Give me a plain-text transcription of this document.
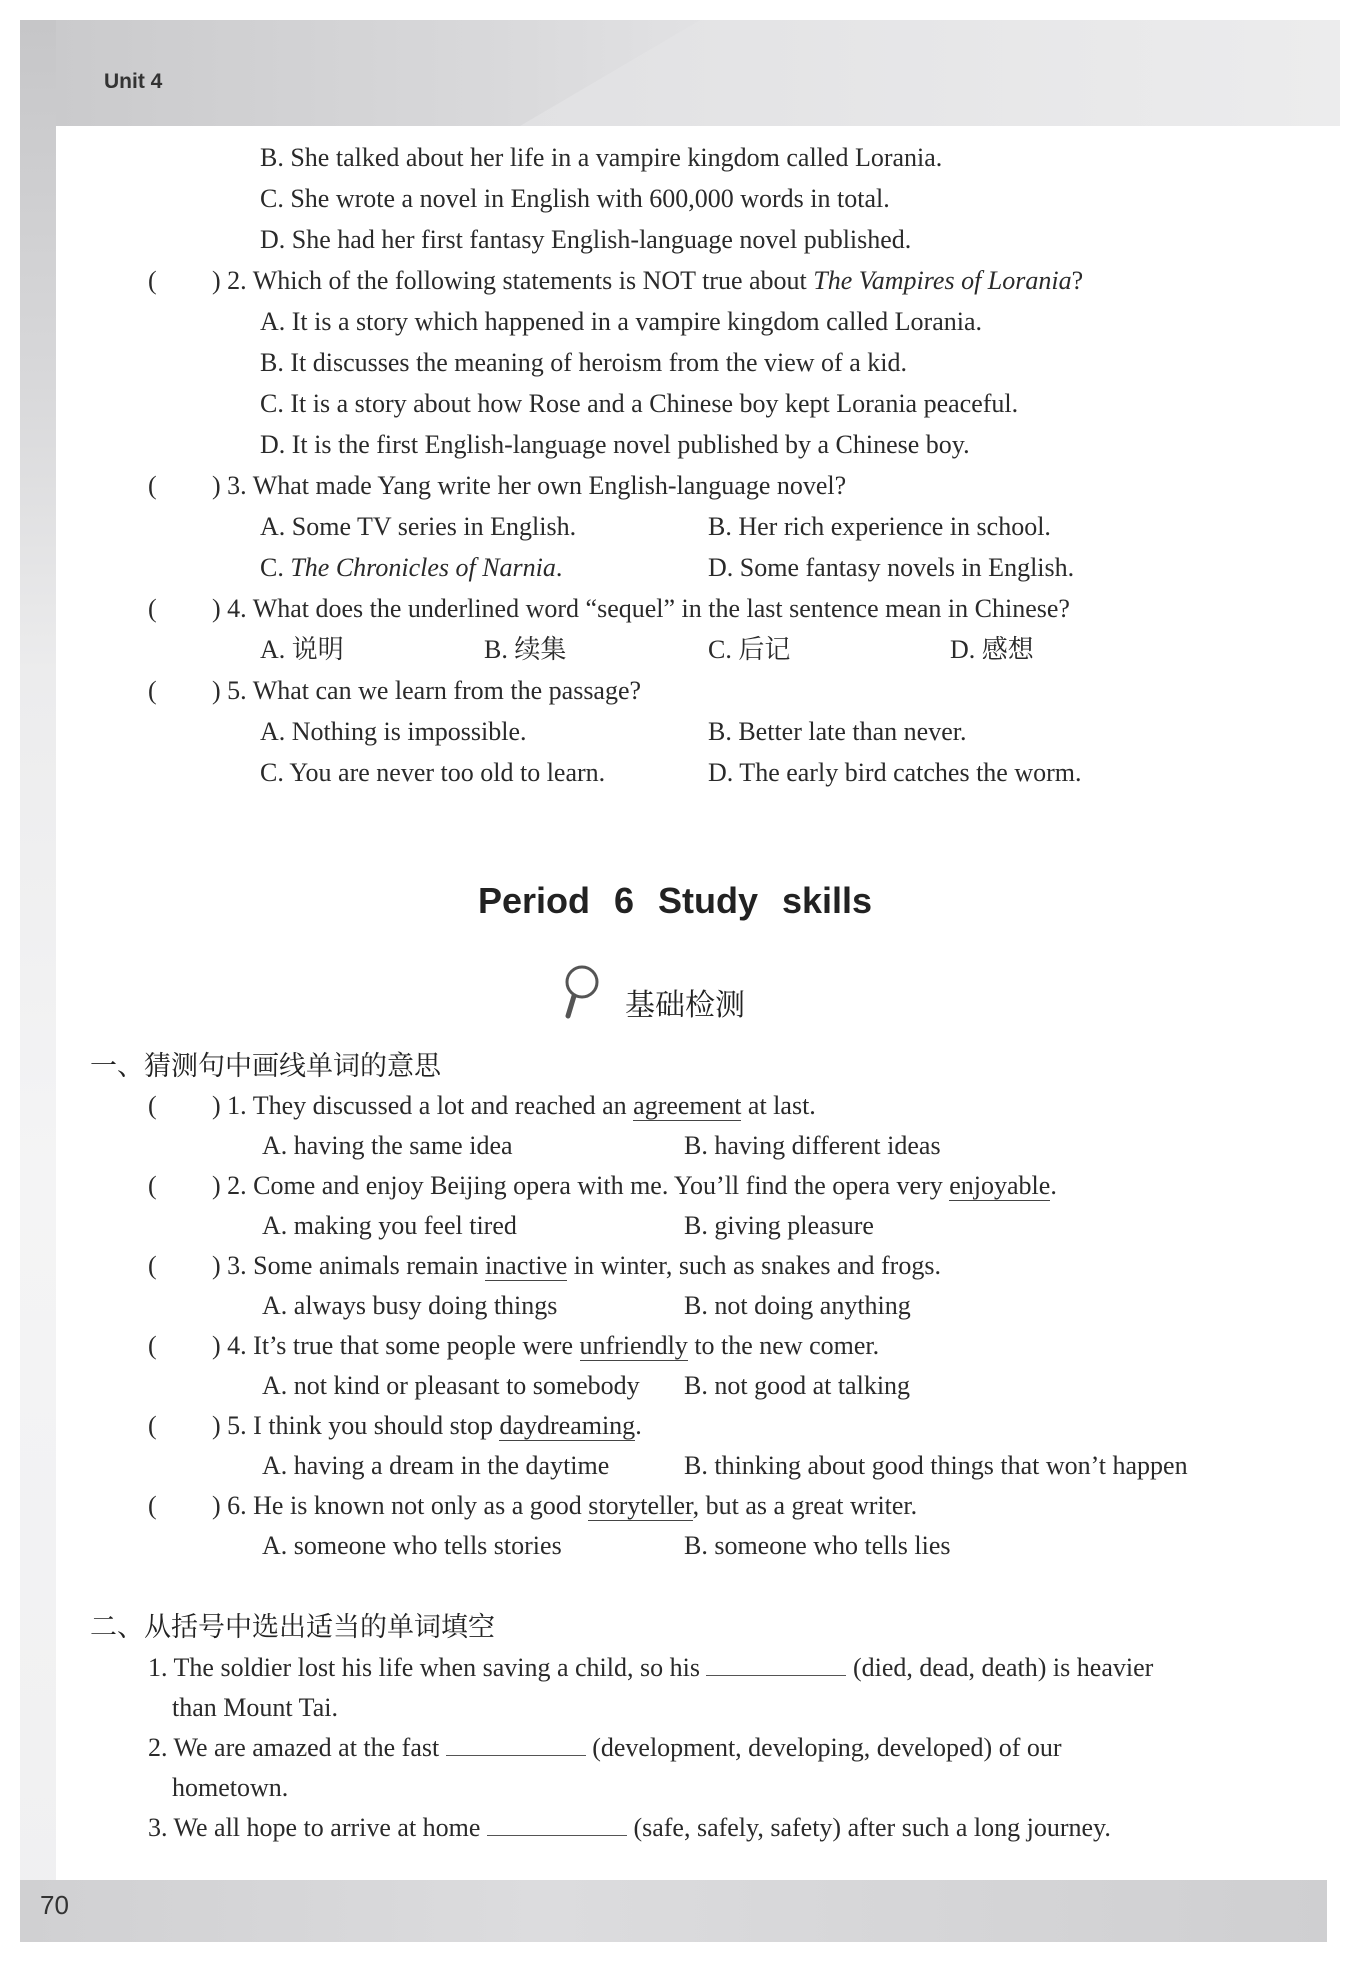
Unit 4
B. She talked about her life in a vampire kingdom called Lorania.
C. She wrote a novel in English with 600,000 words in total.
D. She had her first fantasy English-language novel published.
( ) 2. Which of the following statements is NOT true about The Vampires of Lorania?
A. It is a story which happened in a vampire kingdom called Lorania.
B. It discusses the meaning of heroism from the view of a kid.
C. It is a story about how Rose and a Chinese boy kept Lorania peaceful.
D. It is the first English-language novel published by a Chinese boy.
( ) 3. What made Yang write her own English-language novel?
A. Some TV series in English.	B. Her rich experience in school.
C. The Chronicles of Narnia.	D. Some fantasy novels in English.
( ) 4. What does the underlined word “sequel” in the last sentence mean in Chinese?
A. 说明	B. 续集	C. 后记	D. 感想
( ) 5. What can we learn from the passage?
A. Nothing is impossible.	B. Better late than never.
C. You are never too old to learn.	D. The early bird catches the worm.
Period 6 Study skills
基础检测
一、猜测句中画线单词的意思
( ) 1. They discussed a lot and reached an agreement at last.
A. having the same idea	B. having different ideas
( ) 2. Come and enjoy Beijing opera with me. You’ll find the opera very enjoyable.
A. making you feel tired	B. giving pleasure
( ) 3. Some animals remain inactive in winter, such as snakes and frogs.
A. always busy doing things	B. not doing anything
( ) 4. It’s true that some people were unfriendly to the new comer.
A. not kind or pleasant to somebody B. not good at talking
( ) 5. I think you should stop daydreaming.
A. having a dream in the daytime	B. thinking about good things that won’t happen
( ) 6. He is known not only as a good storyteller, but as a great writer.
A. someone who tells stories	B. someone who tells lies
二、从括号中选出适当的单词填空
1. The soldier lost his life when saving a child, so his	(died, dead, death) is heavier
than Mount Tai.
2. We are amazed at the fast	(development, developing, developed) of our
hometown.
3. We all hope to arrive at home	(safe, safely, safety) after such a long journey.
70
